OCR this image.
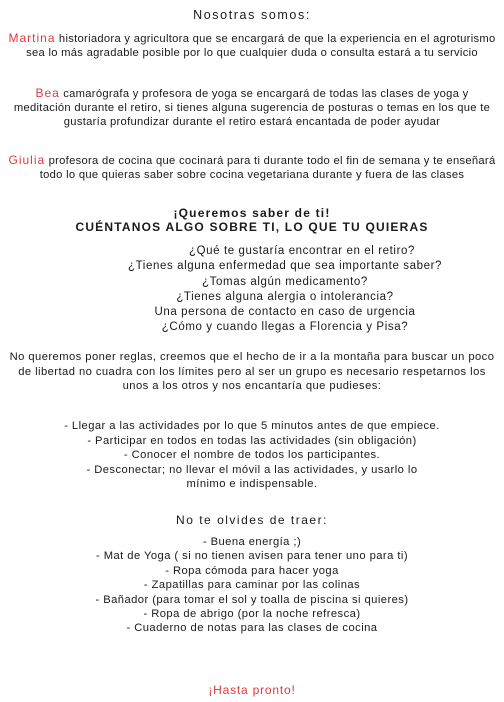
Nosotras somos:
Martina historiadora y agricultora que se encargará de que la experiencia en el agroturismo sea lo más agradable posible por lo que cualquier duda o consulta estará a tu servicio
Bea camarógrafa y profesora de yoga se encargará de todas las clases de yoga y meditación durante el retiro, si tienes alguna sugerencia de posturas o temas en los que te gustaría profundizar durante el retiro estará encantada de poder ayudar
Giulia profesora de cocina que cocinará para ti durante todo el fin de semana y te enseñará todo lo que quieras saber sobre cocina vegetariana durante y fuera de las clases

¡Queremos saber de ti!

CUÉNTANOS ALGO SOBRE TI, LO QUE TU QUIERAS

¿Qué te gustaría encontrar en el retiro?

¿Tienes alguna enfermedad que sea importante saber?

¿Tomas algún medicamento?

¿Tienes alguna alergia o intolerancia?

Una persona de contacto en caso de urgencia

¿Cómo y cuando llegas a Florencia y Pisa?

No queremos poner reglas, creemos que el hecho de ir a la montaña para buscar un poco de libertad no cuadra con los límites pero al ser un grupo es necesario respetarnos los unos a los otros y nos encantaría que pudieses:

- Llegar a las actividades por lo que 5 minutos antes de que empiece.

- Participar en todos en todas las actividades (sin obligación)

- Conocer el nombre de todos los participantes.

- Desconectar; no llevar el móvil a las actividades, y usarlo lo mínimo e indispensable.

No te olvides de traer:

- Buena energía ;)

- Mat de Yoga ( si no tienen avisen para tener uno para ti)

- Ropa cómoda para hacer yoga

- Zapatillas para caminar por las colinas

- Bañador (para tomar el sol y toalla de piscina si quieres)

- Ropa de abrigo (por la noche refresca)

- Cuaderno de notas para las clases de cocina

¡Hasta pronto!
